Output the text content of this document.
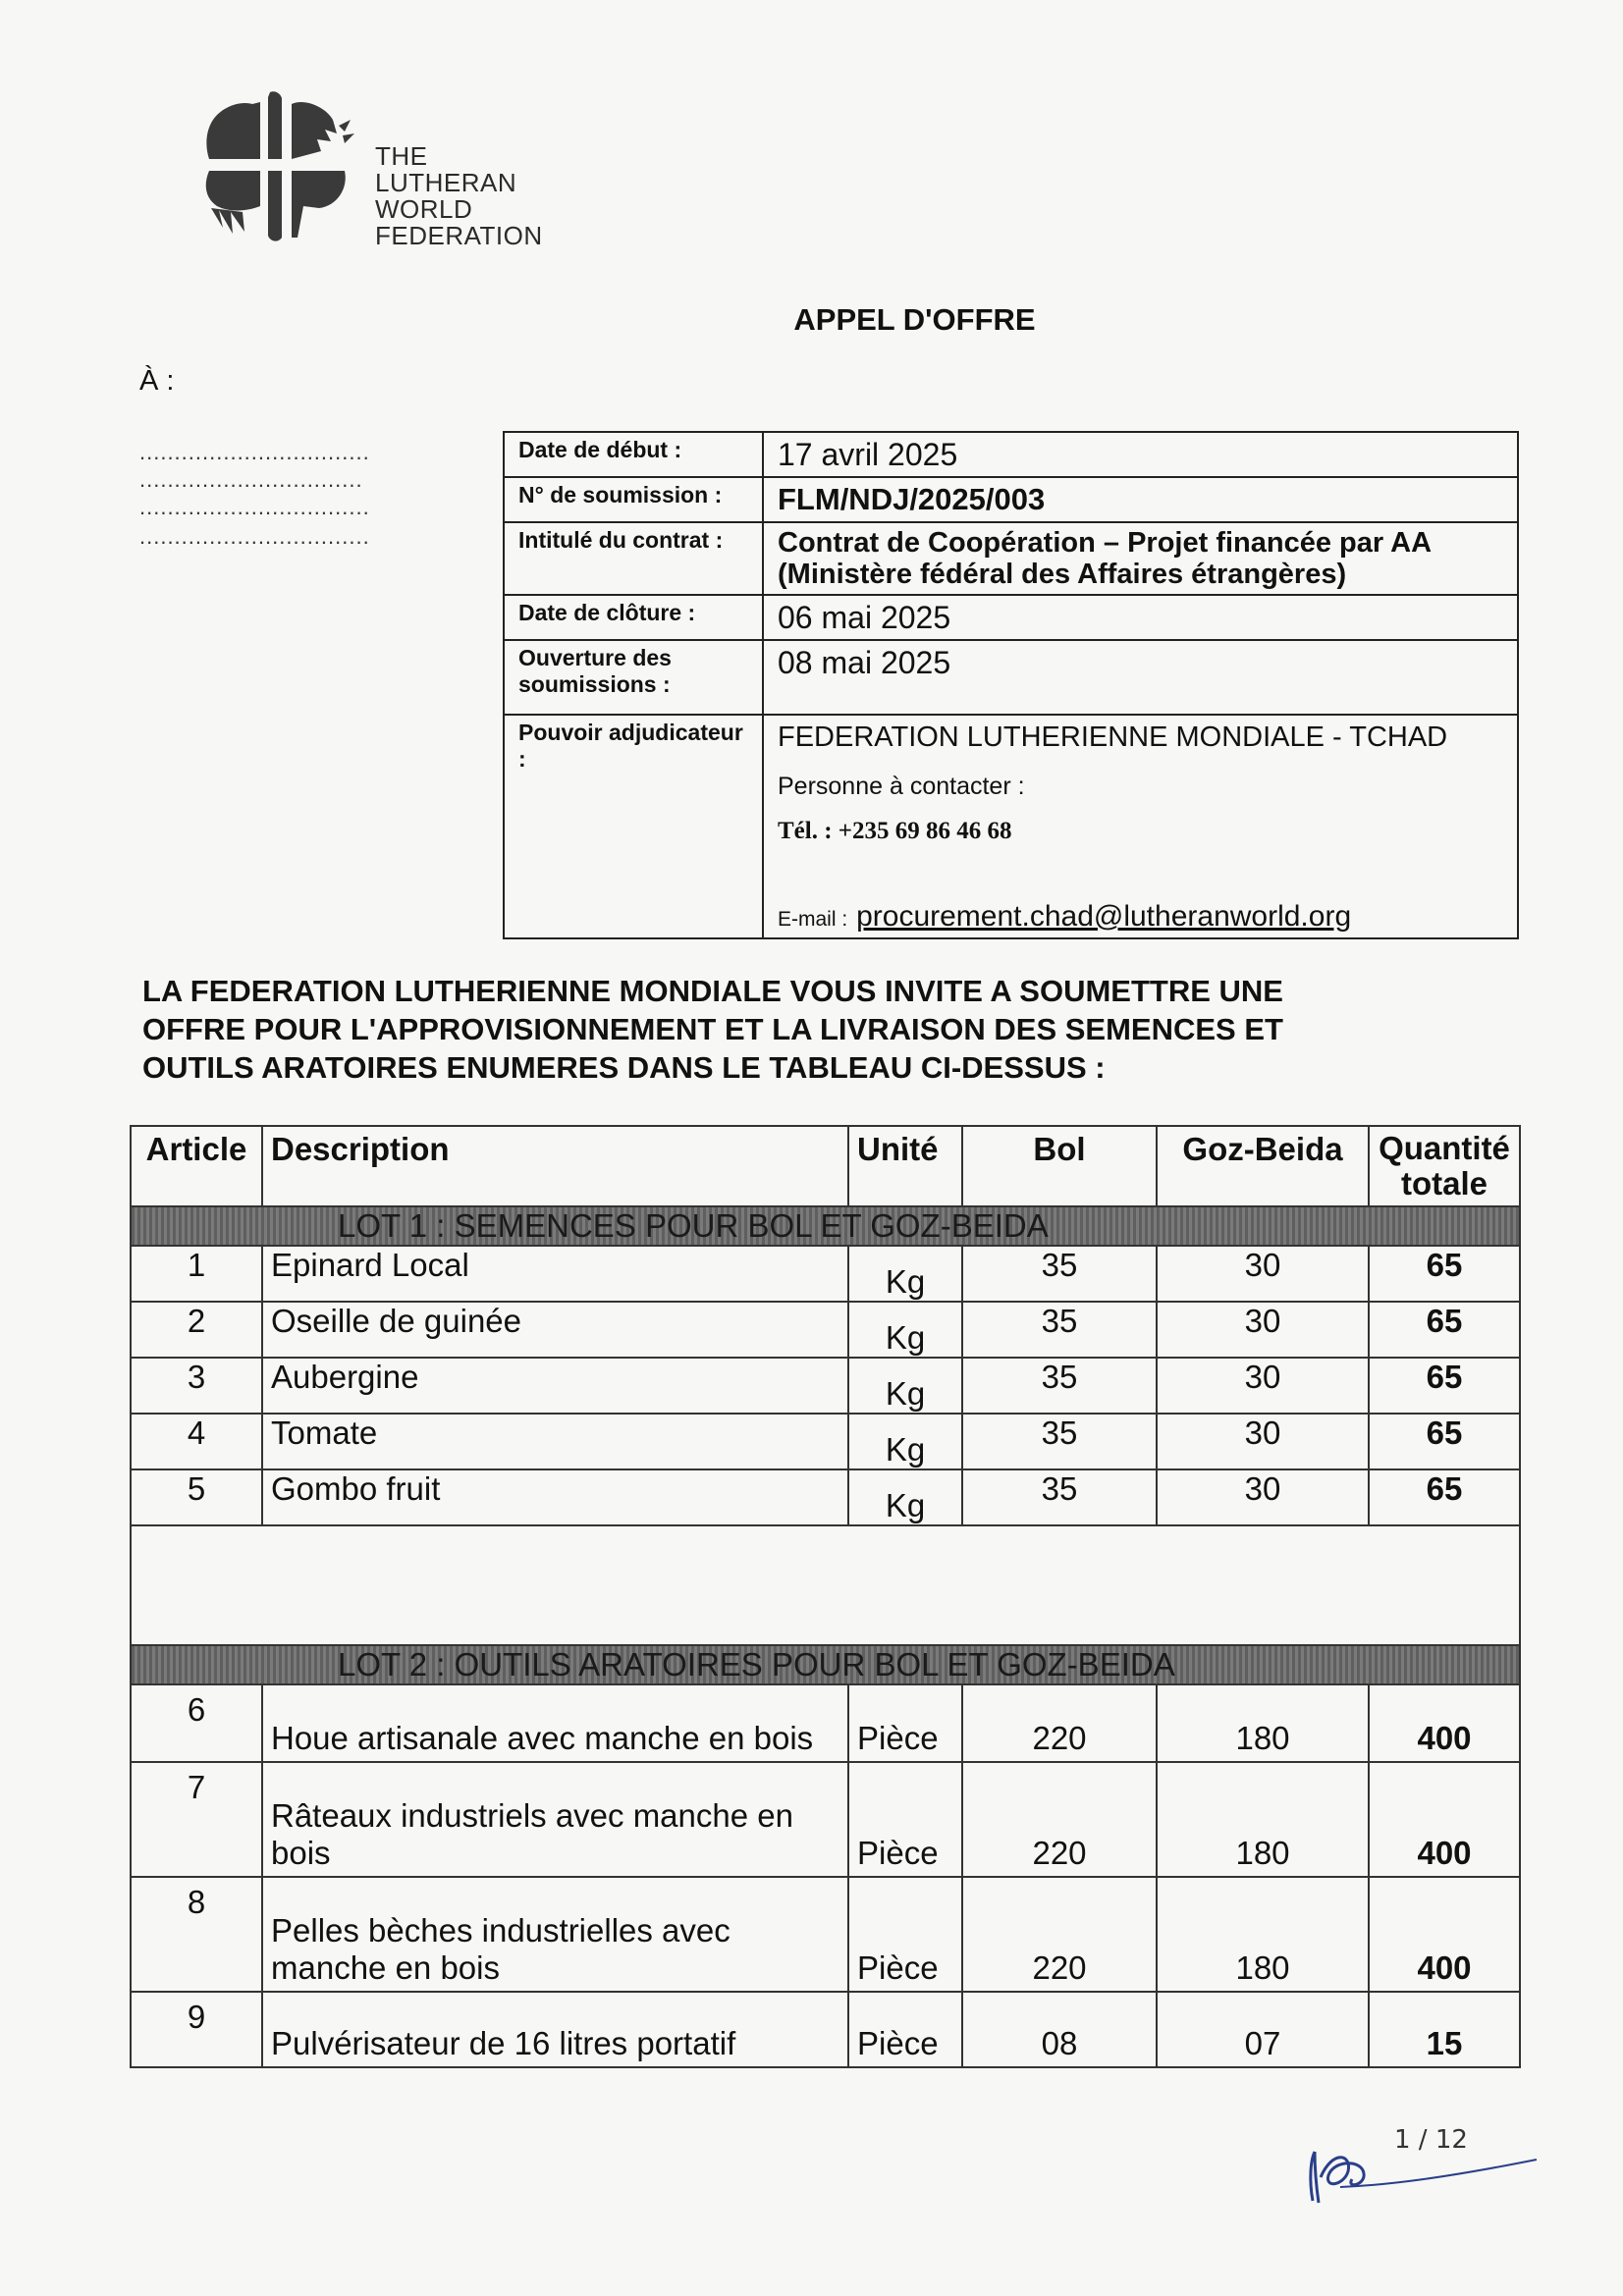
THE
LUTHERAN
WORLD
FEDERATION
APPEL D'OFFRE
À :
.................................
................................
.................................
.................................
Date de début :	17 avril 2025
N° de soumission :	FLM/NDJ/2025/003
Intitulé du contrat :	Contrat de Coopération – Projet financée par AA
(Ministère fédéral des Affaires étrangères)

Date de clôture :	06 mai 2025
Ouverture des soumissions :	08 mai 2025
Pouvoir adjudicateur :	FEDERATION LUTHERIENNE MONDIALE - TCHAD
Personne à contacter :
Tél. : +235 69 86 46 68
E-mail : procurement.chad@lutheranworld.org
LA FEDERATION LUTHERIENNE MONDIALE VOUS INVITE A SOUMETTRE UNE
OFFRE POUR L'APPROVISIONNEMENT ET LA LIVRAISON DES SEMENCES ET
OUTILS ARATOIRES ENUMERES DANS LE TABLEAU CI-DESSUS :
Article	Description	Unité	Bol	Goz-Beida	Quantité
totale

LOT 1 : SEMENCES POUR BOL ET GOZ-BEIDA					

1	Epinard Local	Kg	35	30	65
2	Oseille de guinée	Kg	35	30	65
3	Aubergine	Kg	35	30	65
4	Tomate	Kg	35	30	65
5	Gombo fruit	Kg	35	30	65

LOT 2 : OUTILS ARATOIRES POUR BOL ET GOZ-BEIDA					

6	Houe artisanale avec manche en bois	Pièce	220	180	400
7	Râteaux industriels avec manche en
bois	Pièce	220	180	400
8	Pelles bèches industrielles avec
manche en bois	Pièce	220	180	400
9	Pulvérisateur de 16 litres portatif	Pièce	08	07	15
1 / 12
